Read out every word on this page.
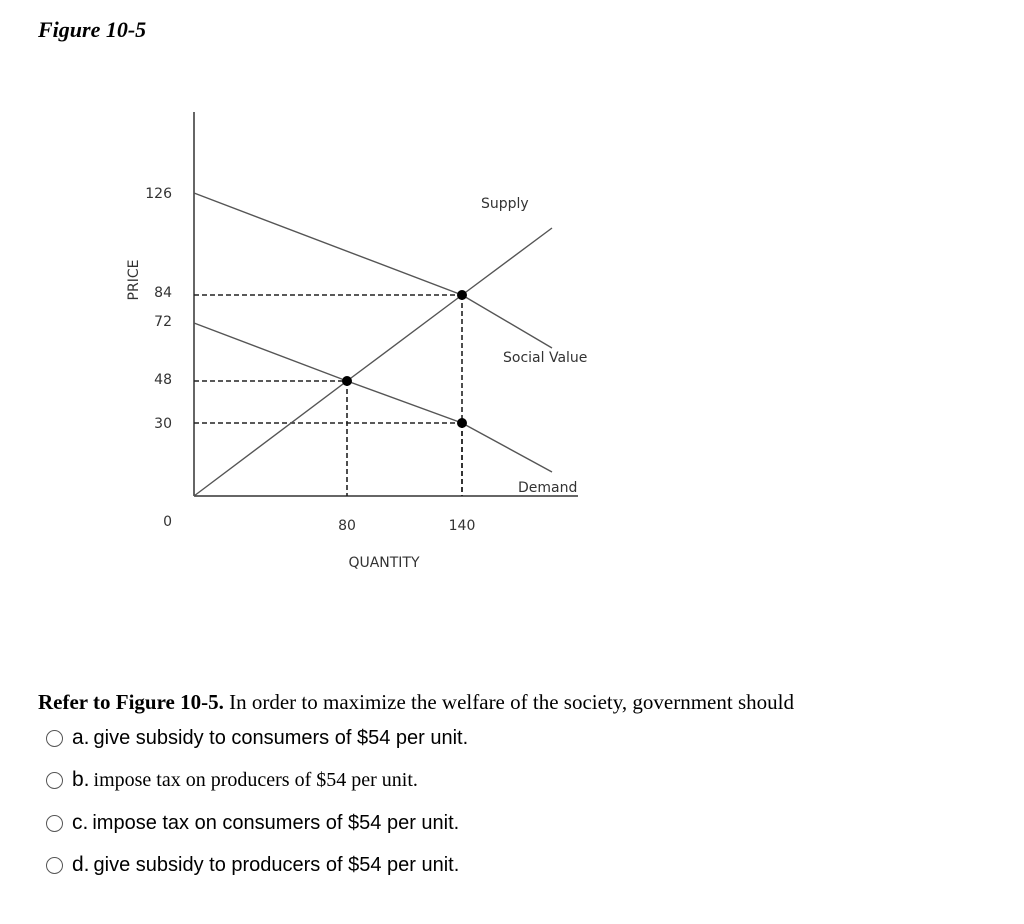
Figure 10-5
PRICE
QUANTITY
126
84
72
48
30
0	80	140
Supply
Social Value
Demand
Refer to Figure 10-5. In order to maximize the welfare of the society, government should
a. give subsidy to consumers of $54 per unit.
b. impose tax on producers of $54 per unit.
c. impose tax on consumers of $54 per unit.
d. give subsidy to producers of $54 per unit.
